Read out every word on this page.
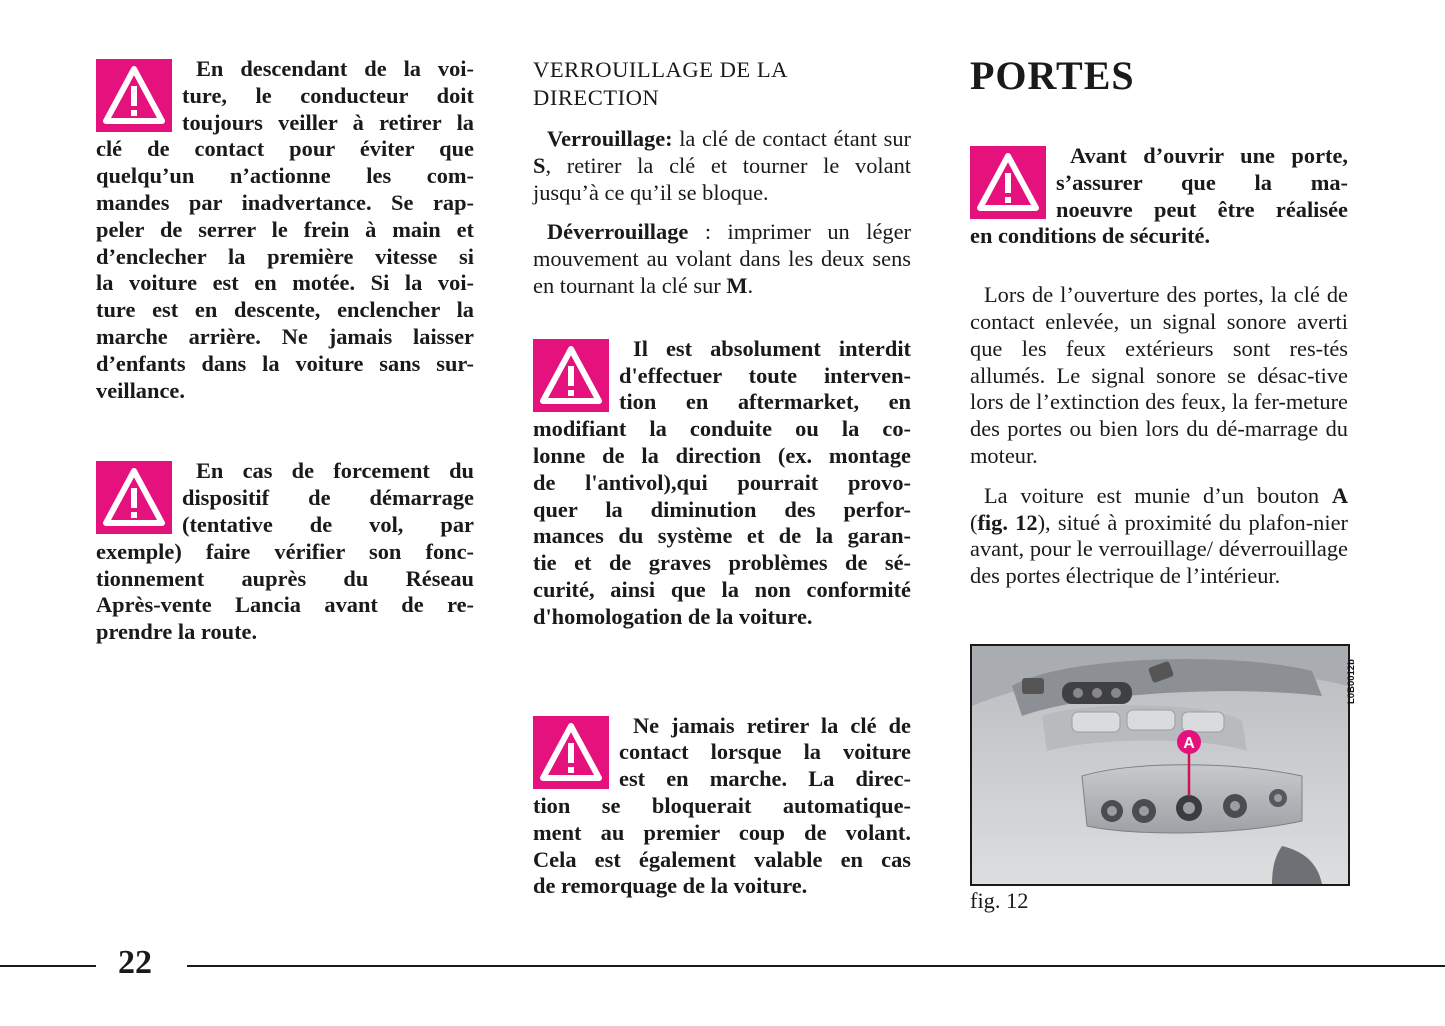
En descendant de la voi-
ture, le conducteur doit
toujours veiller à retirer la
clé de contact pour éviter que
quelqu’un n’actionne les com-
mandes par inadvertance. Se rap-
peler de serrer le frein à main et
d’enclecher la première vitesse si
la voiture est en motée. Si la voi-
ture est en descente, enclencher la
marche arrière. Ne jamais laisser
d’enfants dans la voiture sans sur-
veillance.
En cas de forcement du
dispositif de démarrage
(tentative de vol, par
exemple) faire vérifier son fonc-
tionnement auprès du Réseau
Après-vente Lancia avant de re-
prendre la route.
VERROUILLAGE DE LA
DIRECTION

Verrouillage: la clé de contact étant sur S, retirer la clé et tourner le volant jusqu’à ce qu’il se bloque.

Déverrouillage : imprimer un léger mouvement au volant dans les deux sens en tournant la clé sur M.

Il est absolument interdit
d'effectuer toute interven-
tion en aftermarket, en
modifiant la conduite ou la co-
lonne de la direction (ex. montage
de l'antivol),qui pourrait provo-
quer la diminution des perfor-
mances du système et de la garan-
tie et de graves problèmes de sé-
curité, ainsi que la non conformité
d'homologation de la voiture.
Ne jamais retirer la clé de
contact lorsque la voiture
est en marche. La direc-
tion se bloquerait automatique-
ment au premier coup de volant.
Cela est également valable en cas
de remorquage de la voiture.
PORTES
Avant d’ouvrir une porte,
s’assurer que la ma-
noeuvre peut être réalisée
en conditions de sécurité.

Lors de l’ouverture des portes, la clé de contact enlevée, un signal sonore averti que les feux extérieurs sont res-tés allumés. Le signal sonore se désac-tive lors de l’extinction des feux, la fer-meture des portes ou bien lors du dé-marrage du moteur.

La voiture est munie d’un bouton A (fig. 12), situé à proximité du plafon-nier avant, pour le verrouillage/ déverrouillage des portes électrique de l’intérieur.

A
L0B0012b
fig. 12
22
